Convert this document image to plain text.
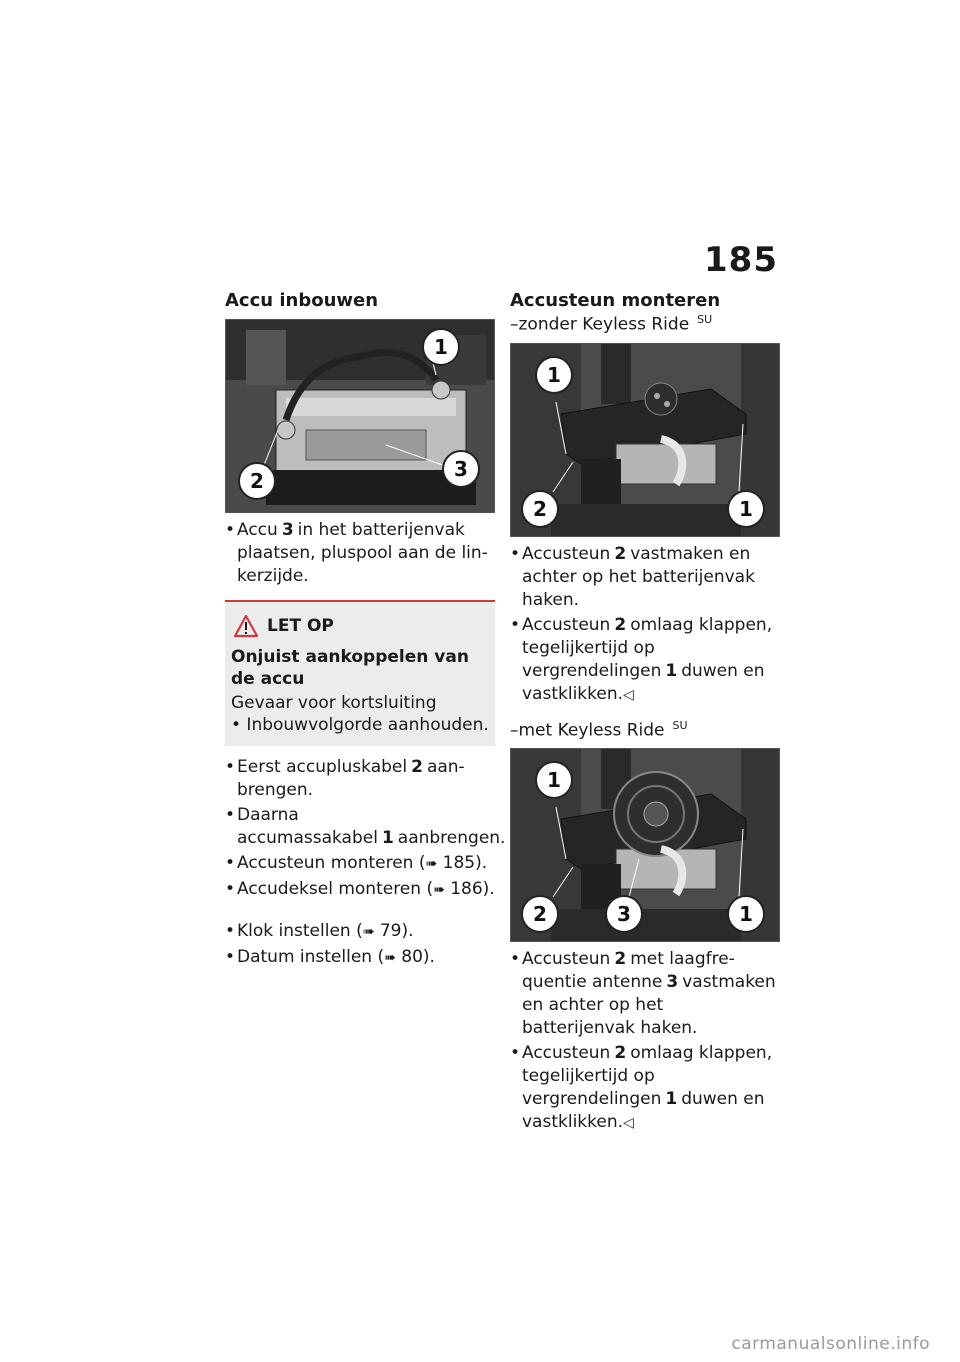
185
Accu inbouwen
1
2	3
• Accu 3 in het batterijenvak plaatsen, pluspool aan de lin-kerzijde.
LET OP

Onjuist aankoppelen van de accu

Gevaar voor kortsluiting

• Inbouwvolgorde aanhouden.

• Eerst accupluskabel 2 aan-brengen.
• Daarna accumassakabel 1 aanbrengen.
• Accusteun monteren (➠ 185).
• Accudeksel monteren (➠ 186).
• Klok instellen (➠ 79).
• Datum instellen (➠ 80).
Accusteun monteren

–zonder Keyless Ride $^{SU}$

1
2	1
• Accusteun 2 vastmaken en achter op het batterijenvak haken.
• Accusteun 2 omlaag klappen, tegelijkertijd op vergrendelingen 1 duwen en vastklikken.◁

–met Keyless Ride $^{SU}$

1
2	3	1
• Accusteun 2 met laagfre-quentie antenne 3 vastmaken en achter op het batterijenvak haken.
• Accusteun 2 omlaag klappen, tegelijkertijd op vergrendelingen 1 duwen en vastklikken.◁
carmanualsonline.info
